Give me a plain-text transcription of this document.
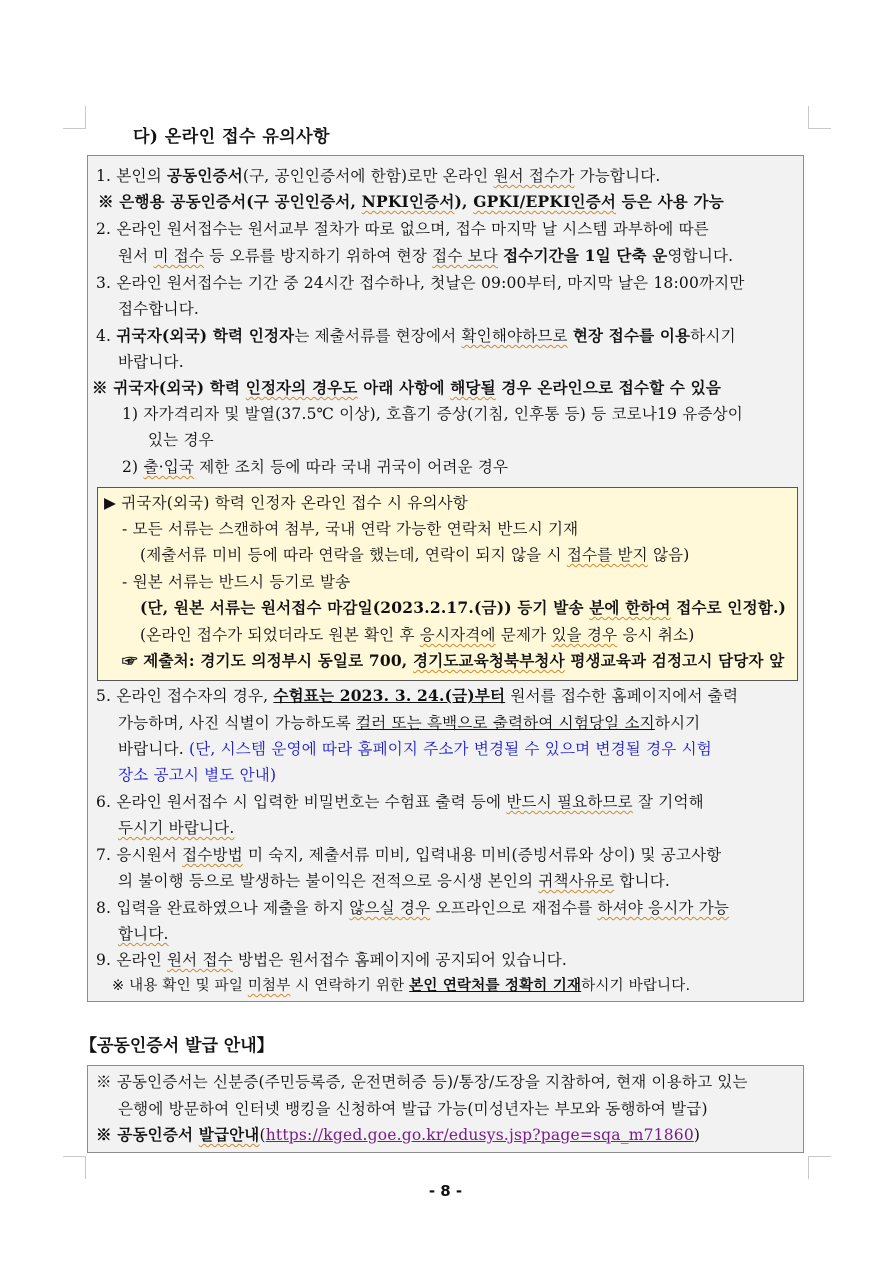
다) 온라인 접수 유의사항
1. 본인의 공동인증서(구, 공인인증서에 한함)로만 온라인 원서 접수가 가능합니다.
※ 은행용 공동인증서(구 공인인증서, NPKI인증서), GPKI/EPKI인증서 등은 사용 가능
2. 온라인 원서접수는 원서교부 절차가 따로 없으며, 접수 마지막 날 시스템 과부하에 따른
원서 미 접수 등 오류를 방지하기 위하여 현장 접수 보다 접수기간을 1일 단축 운영합니다.
3. 온라인 원서접수는 기간 중 24시간 접수하나, 첫날은 09:00부터, 마지막 날은 18:00까지만
접수합니다.
4. 귀국자(외국) 학력 인정자는 제출서류를 현장에서 확인해야하므로 현장 접수를 이용하시기
바랍니다.
※ 귀국자(외국) 학력 인정자의 경우도 아래 사항에 해당될 경우 온라인으로 접수할 수 있음
1) 자가격리자 및 발열(37.5℃ 이상), 호흡기 증상(기침, 인후통 등) 등 코로나19 유증상이
있는 경우
2) 출·입국 제한 조치 등에 따라 국내 귀국이 어려운 경우
▶ 귀국자(외국) 학력 인정자 온라인 접수 시 유의사항
- 모든 서류는 스캔하여 첨부, 국내 연락 가능한 연락처 반드시 기재
(제출서류 미비 등에 따라 연락을 했는데, 연락이 되지 않을 시 접수를 받지 않음)
- 원본 서류는 반드시 등기로 발송
(단, 원본 서류는 원서접수 마감일(2023.2.17.(금)) 등기 발송 분에 한하여 접수로 인정함.)
(온라인 접수가 되었더라도 원본 확인 후 응시자격에 문제가 있을 경우 응시 취소)
☞ 제출처: 경기도 의정부시 동일로 700, 경기도교육청북부청사 평생교육과 검정고시 담당자 앞
5. 온라인 접수자의 경우, 수험표는 2023. 3. 24.(금)부터 원서를 접수한 홈페이지에서 출력
가능하며, 사진 식별이 가능하도록 컬러 또는 흑백으로 출력하여 시험당일 소지하시기
바랍니다. (단, 시스템 운영에 따라 홈페이지 주소가 변경될 수 있으며 변경될 경우 시험
장소 공고시 별도 안내)
6. 온라인 원서접수 시 입력한 비밀번호는 수험표 출력 등에 반드시 필요하므로 잘 기억해
두시기 바랍니다.
7. 응시원서 접수방법 미 숙지, 제출서류 미비, 입력내용 미비(증빙서류와 상이) 및 공고사항
의 불이행 등으로 발생하는 불이익은 전적으로 응시생 본인의 귀책사유로 합니다.
8. 입력을 완료하였으나 제출을 하지 않으실 경우 오프라인으로 재접수를 하셔야 응시가 가능
합니다.
9. 온라인 원서 접수 방법은 원서접수 홈페이지에 공지되어 있습니다.
※ 내용 확인 및 파일 미첨부 시 연락하기 위한 본인 연락처를 정확히 기재하시기 바랍니다.
【공동인증서 발급 안내】
※ 공동인증서는 신분증(주민등록증, 운전면허증 등)/통장/도장을 지참하여, 현재 이용하고 있는
은행에 방문하여 인터넷 뱅킹을 신청하여 발급 가능(미성년자는 부모와 동행하여 발급)
※ 공동인증서 발급안내(https://kged.goe.go.kr/edusys.jsp?page=sqa_m71860)
- 8 -
